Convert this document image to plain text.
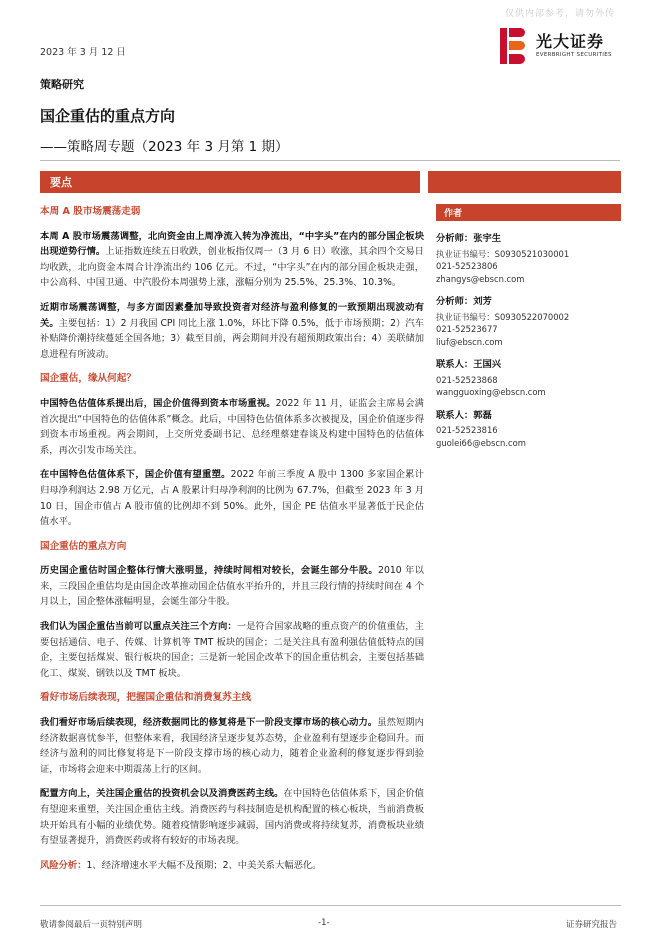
仅供内部参考，请勿外传
2023 年 3 月 12 日
光大证券
EVERBRIGHT SECURITIES
策略研究
国企重估的重点方向
——策略周专题（2023 年 3 月第 1 期）
要点
本周 A 股市场震荡走弱

本周 A 股市场震荡调整，北向资金由上周净流入转为净流出，“中字头”在内的部分国企板块出现逆势行情。上证指数连续五日收跌，创业板指仅周一（3 月 6 日）收涨，其余四个交易日均收跌，北向资金本周合计净流出约 106 亿元。不过，“中字头”在内的部分国企板块走强，中公高科、中国卫通、中汽股份本周强势上涨，涨幅分别为 25.5%、25.3%、10.3%。

近期市场震荡调整，与多方面因素叠加导致投资者对经济与盈利修复的一致预期出现波动有关。主要包括：1）2 月我国 CPI 同比上涨 1.0%，环比下降 0.5%，低于市场预期；2）汽车补贴降价潮持续蔓延全国各地；3）截至目前，两会期间并没有超预期政策出台；4）美联储加息进程有所波动。

国企重估，缘从何起？

中国特色估值体系提出后，国企价值得到资本市场重视。2022 年 11 月，证监会主席易会满首次提出“中国特色的估值体系”概念。此后，中国特色估值体系多次被提及，国企价值逐步得到资本市场重视。两会期间，上交所党委副书记、总经理蔡建春谈及构建中国特色的估值体系，再次引发市场关注。

在中国特色估值体系下，国企价值有望重塑。2022 年前三季度 A 股中 1300 多家国企累计归母净利润达 2.98 万亿元，占 A 股累计归母净利润的比例为 67.7%，但截至 2023 年 3 月 10 日，国企市值占 A 股市值的比例却不到 50%。此外，国企 PE 估值水平显著低于民企估值水平。

国企重估的重点方向

历史国企重估时国企整体行情大涨明显，持续时间相对较长，会诞生部分牛股。2010 年以来，三段国企重估均是由国企改革推动国企估值水平抬升的，并且三段行情的持续时间在 4 个月以上，国企整体涨幅明显，会诞生部分牛股。

我们认为国企重估当前可以重点关注三个方向：一是符合国家战略的重点资产的价值重估，主要包括通信、电子、传媒、计算机等 TMT 板块的国企；二是关注具有盈利强估值低特点的国企，主要包括煤炭、银行板块的国企；三是新一轮国企改革下的国企重估机会，主要包括基础化工、煤炭、钢铁以及 TMT 板块。

看好市场后续表现，把握国企重估和消费复苏主线

我们看好市场后续表现，经济数据同比的修复将是下一阶段支撑市场的核心动力。虽然短期内经济数据喜忧参半，但整体来看，我国经济呈逐步复苏态势，企业盈利有望逐步企稳回升。而经济与盈利的同比修复将是下一阶段支撑市场的核心动力，随着企业盈利的修复逐步得到验证，市场将会迎来中期震荡上行的区间。

配置方向上，关注国企重估的投资机会以及消费医药主线。在中国特色估值体系下，国企价值有望迎来重塑，关注国企重估主线。消费医药与科技制造是机构配置的核心板块，当前消费板块开始具有小幅的业绩优势。随着疫情影响逐步减弱，国内消费或将持续复苏，消费板块业绩有望显著提升，消费医药或将有较好的市场表现。

风险分析：1、经济增速水平大幅不及预期；2、中美关系大幅恶化。

作者
分析师：张宇生
执业证书编号：S0930521030001
021-52523806
zhangys@ebscn.com
分析师：刘芳
执业证书编号：S0930522070002
021-52523677
liuf@ebscn.com
联系人：王国兴
021-52523868
wangguoxing@ebscn.com
联系人：郭磊
021-52523816
guolei66@ebscn.com
敬请参阅最后一页特别声明	-1-	证券研究报告
